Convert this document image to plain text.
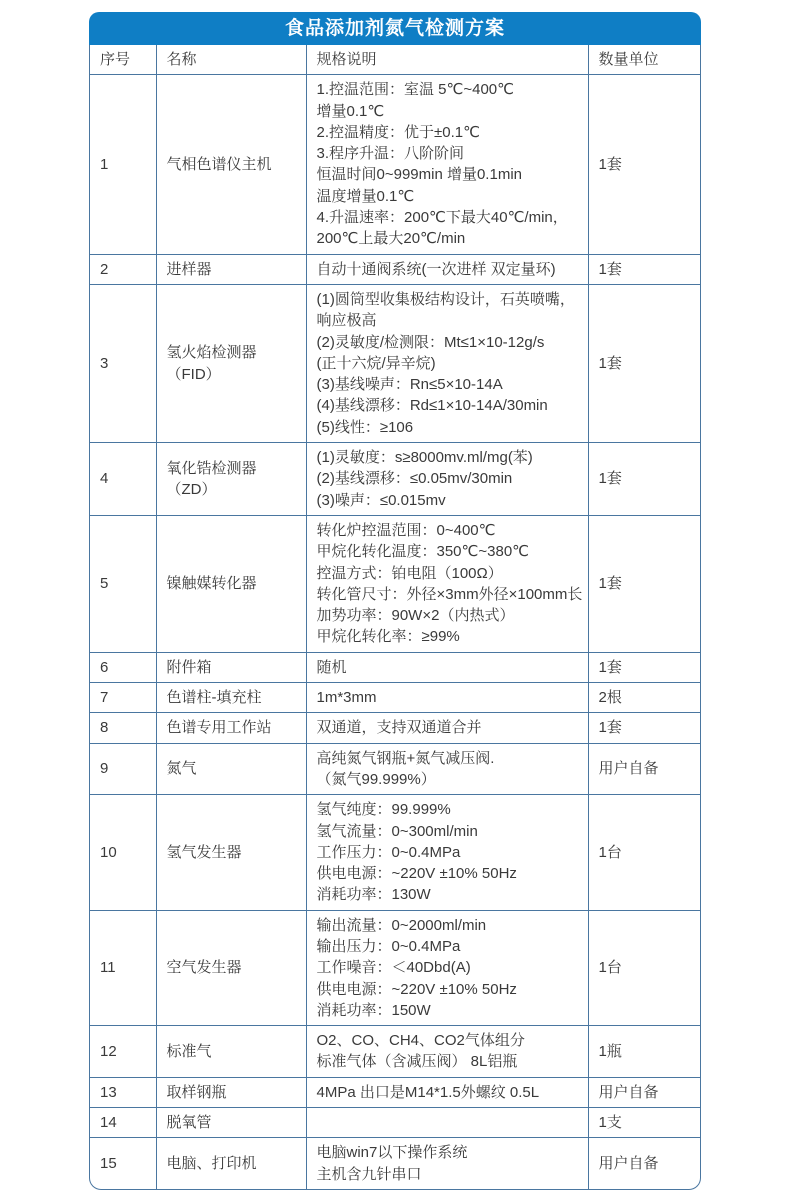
食品添加剂氮气检测方案
序号	名称	规格说明	数量单位
1	气相色谱仪主机	
1.控温范围：室温 5℃~400℃
增量0.1℃
2.控温精度：优于±0.1℃
3.程序升温：八阶阶间
恒温时间0~999min 增量0.1min
温度增量0.1℃
4.升温速率：200℃下最大40℃/min，
200℃上最大20℃/min
	1套
2	进样器	自动十通阀系统(一次进样 双定量环)	1套
3	氢火焰检测器（FID）	
(1)圆筒型收集极结构设计，石英喷嘴，
响应极高
(2)灵敏度/检测限：Mt≤1×10-12g/s
(正十六烷/异辛烷)
(3)基线噪声：Rn≤5×10-14A
(4)基线漂移：Rd≤1×10-14A/30min
(5)线性：≥106
	1套
4	氧化锆检测器（ZD）	(1)灵敏度：s≥8000mv.ml/mg(苯)
(2)基线漂移：≤0.05mv/30min
(3)噪声：≤0.015mv	1套
5	镍触媒转化器	
转化炉控温范围：0~400℃
甲烷化转化温度：350℃~380℃
控温方式：铂电阻（100Ω）
转化管尺寸：外径×3mm外径×100mm长
加势功率：90W×2（内热式）
甲烷化转化率：≥99%
	1套
6	附件箱	随机	1套
7	色谱柱-填充柱	1m*3mm	2根
8	色谱专用工作站	双通道，支持双通道合并	1套
9	氮气	高纯氮气钢瓶+氮气减压阀.
（氮气99.999%）	用户自备
10	氢气发生器	氢气纯度：99.999%
氢气流量：0~300ml/min
工作压力：0~0.4MPa
供电电源：~220V ±10% 50Hz
消耗功率：130W	1台
11	空气发生器	输出流量：0~2000ml/min
输出压力：0~0.4MPa
工作噪音：＜40Dbd(A)
供电电源：~220V ±10% 50Hz
消耗功率：150W	1台
12	标准气	O2、CO、CH4、CO2气体组分
标准气体（含减压阀） 8L铝瓶	1瓶
13	取样钢瓶	4MPa 出口是M14*1.5外螺纹 0.5L	用户自备
14	脱氧管		1支
15	电脑、打印机	电脑win7以下操作系统
主机含九针串口	用户自备
